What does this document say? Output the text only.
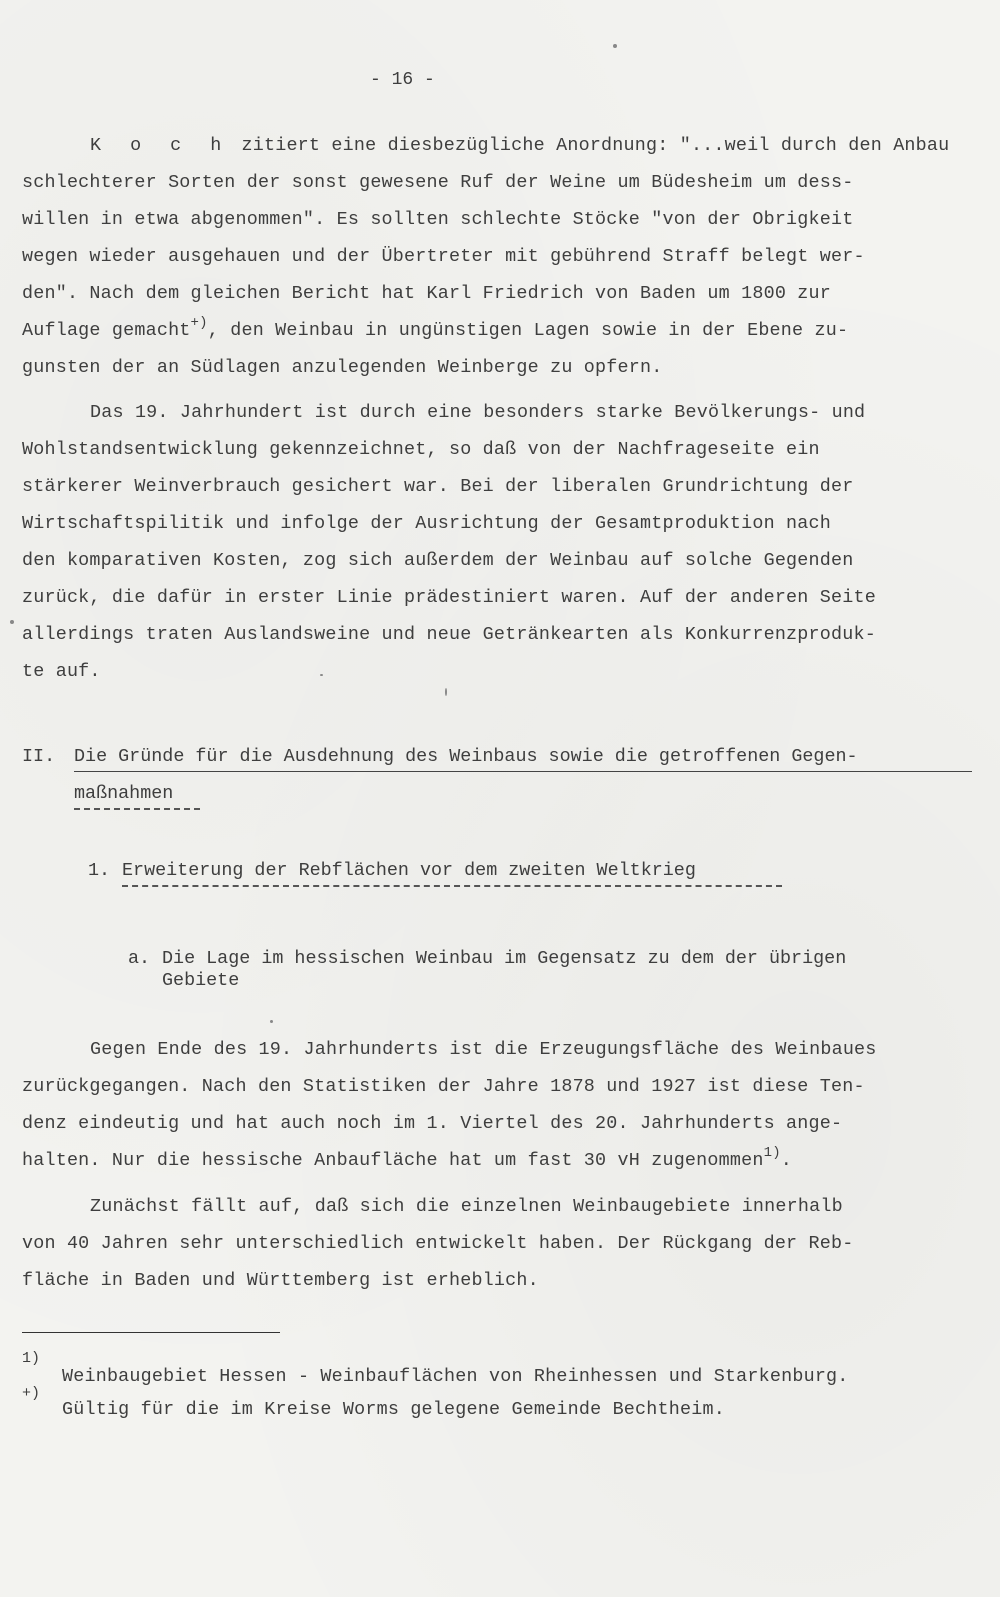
- 16 -
K o c h zitiert eine diesbezügliche Anordnung: "...weil durch den Anbau
schlechterer Sorten der sonst gewesene Ruf der Weine um Büdesheim um dess-
willen in etwa abgenommen". Es sollten schlechte Stöcke "von der Obrigkeit
wegen wieder ausgehauen und der Übertreter mit gebührend Straff belegt wer-
den". Nach dem gleichen Bericht hat Karl Friedrich von Baden um 1800 zur
Auflage gemacht+), den Weinbau in ungünstigen Lagen sowie in der Ebene zu-
gunsten der an Südlagen anzulegenden Weinberge zu opfern.
Das 19. Jahrhundert ist durch eine besonders starke Bevölkerungs- und
Wohlstandsentwicklung gekennzeichnet, so daß von der Nachfrageseite ein
stärkerer Weinverbrauch gesichert war. Bei der liberalen Grundrichtung der
Wirtschaftspilitik und infolge der Ausrichtung der Gesamtproduktion nach
den komparativen Kosten, zog sich außerdem der Weinbau auf solche Gegenden
zurück, die dafür in erster Linie prädestiniert waren. Auf der anderen Seite
allerdings traten Auslandsweine und neue Getränkearten als Konkurrenzproduk-
te auf.
II. Die Gründe für die Ausdehnung des Weinbaus sowie die getroffenen Gegen-
maßnahmen
1. Erweiterung der Rebflächen vor dem zweiten Weltkrieg
a. Die Lage im hessischen Weinbau im Gegensatz zu dem der übrigen
Gebiete
Gegen Ende des 19. Jahrhunderts ist die Erzeugungsfläche des Weinbaues
zurückgegangen. Nach den Statistiken der Jahre 1878 und 1927 ist diese Ten-
denz eindeutig und hat auch noch im 1. Viertel des 20. Jahrhunderts ange-
halten. Nur die hessische Anbaufläche hat um fast 30 vH zugenommen$^{1)}$.
Zunächst fällt auf, daß sich die einzelnen Weinbaugebiete innerhalb
von 40 Jahren sehr unterschiedlich entwickelt haben. Der Rückgang der Reb-
fläche in Baden und Württemberg ist erheblich.
1)
Weinbaugebiet Hessen - Weinbauflächen von Rheinhessen und Starkenburg.
+)
Gültig für die im Kreise Worms gelegene Gemeinde Bechtheim.
